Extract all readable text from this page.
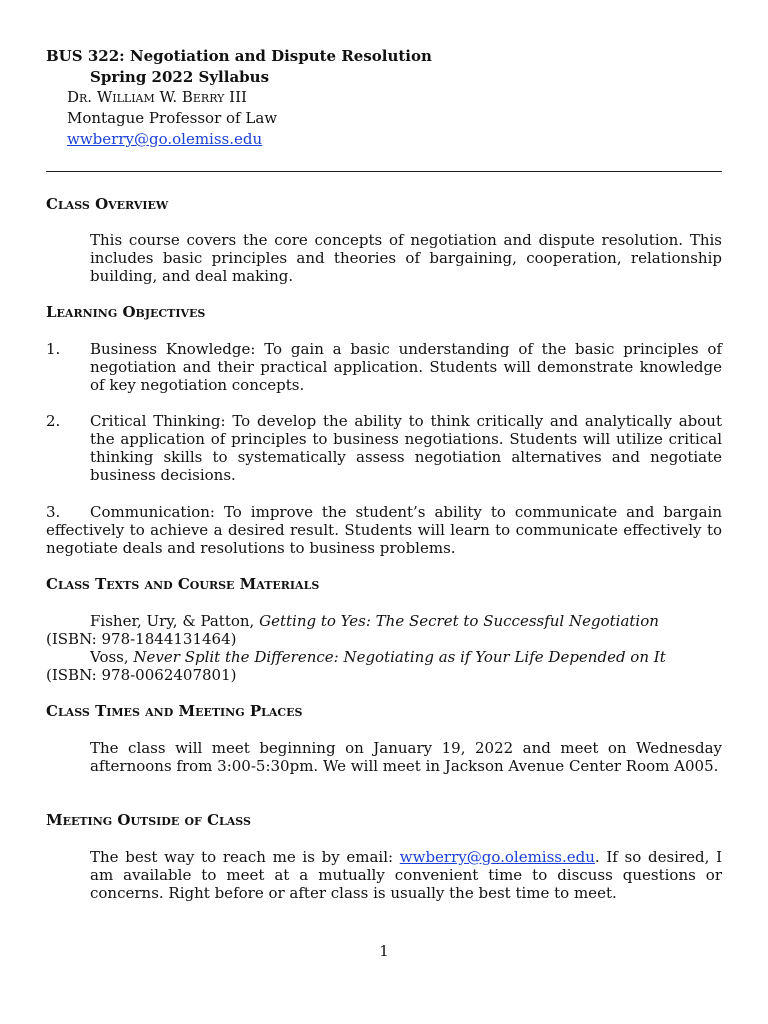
BUS 322: Negotiation and Dispute Resolution
Spring 2022 Syllabus
Dr. William W. Berry III
Montague Professor of Law
wwberry@go.olemiss.edu
Class Overview
This course covers the core concepts of negotiation and dispute resolution. This includes basic principles and theories of bargaining, cooperation, relationship building, and deal making.
Learning Objectives
1. Business Knowledge: To gain a basic understanding of the basic principles of negotiation and their practical application. Students will demonstrate knowledge of key negotiation concepts.
2. Critical Thinking: To develop the ability to think critically and analytically about the application of principles to business negotiations. Students will utilize critical thinking skills to systematically assess negotiation alternatives and negotiate business decisions.
3.	Communication: To improve the student’s ability to communicate and bargain effectively to achieve a desired result. Students will learn to communicate effectively to negotiate deals and resolutions to business problems.
Class Texts and Course Materials
Fisher, Ury, & Patton, Getting to Yes: The Secret to Successful Negotiation
(ISBN: 978-1844131464)
Voss, Never Split the Difference: Negotiating as if Your Life Depended on It
(ISBN: 978-0062407801)
Class Times and Meeting Places
The class will meet beginning on January 19, 2022 and meet on Wednesday afternoons from 3:00-5:30pm. We will meet in Jackson Avenue Center Room A005.
Meeting Outside of Class
The best way to reach me is by email: wwberry@go.olemiss.edu. If so desired, I am available to meet at a mutually convenient time to discuss questions or concerns. Right before or after class is usually the best time to meet.
1
